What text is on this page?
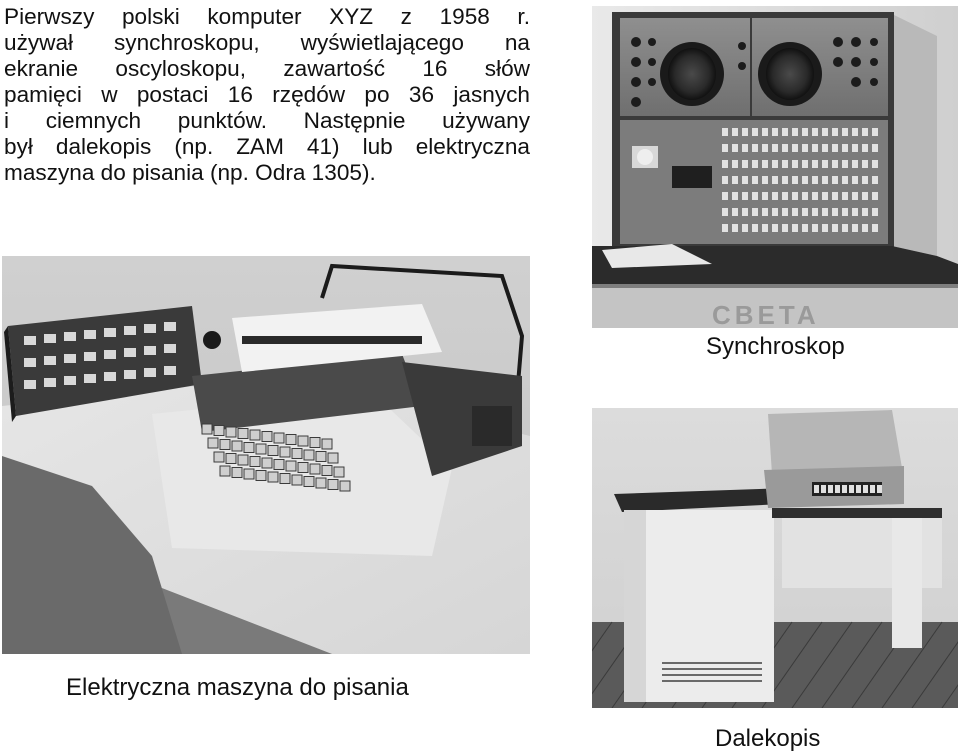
Pierwszy polski komputer XYZ z 1958 r.
używał synchroskopu, wyświetlającego na
ekranie oscyloskopu, zawartość 16 słów
pamięci w postaci 16 rzędów po 36 jasnych
i ciemnych punktów. Następnie używany
był dalekopis (np. ZAM 41) lub elektryczna
maszyna do pisania (np. Odra 1305).
CBETA
Synchroskop
Elektryczna maszyna do pisania
Dalekopis
